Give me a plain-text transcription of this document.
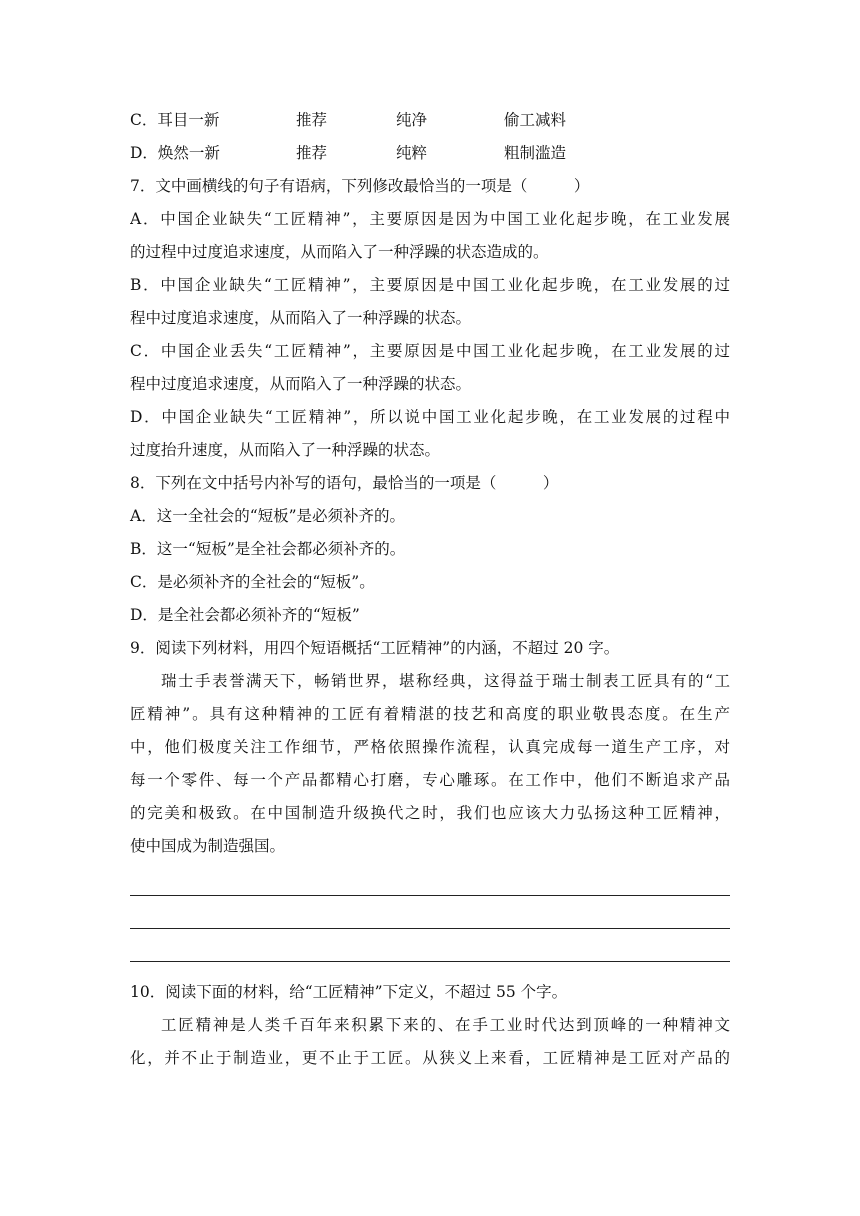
C．耳目一新	推荐	纯净	偷工减料
D．焕然一新	推荐	纯粹	粗制滥造
7．文中画横线的句子有语病，下列修改最恰当的一项是（　　　）
A．中国企业缺失“工匠精神”，主要原因是因为中国工业化起步晚，在工业发展
的过程中过度追求速度，从而陷入了一种浮躁的状态造成的。
B．中国企业缺失“工匠精神”，主要原因是中国工业化起步晚，在工业发展的过
程中过度追求速度，从而陷入了一种浮躁的状态。
C．中国企业丢失“工匠精神”，主要原因是中国工业化起步晚，在工业发展的过
程中过度追求速度，从而陷入了一种浮躁的状态。
D．中国企业缺失“工匠精神”，所以说中国工业化起步晚，在工业发展的过程中
过度抬升速度，从而陷入了一种浮躁的状态。
8．下列在文中括号内补写的语句，最恰当的一项是（　　　）
A．这一全社会的“短板”是必须补齐的。
B．这一“短板”是全社会都必须补齐的。
C．是必须补齐的全社会的“短板”。
D．是全社会都必须补齐的“短板”
9．阅读下列材料，用四个短语概括“工匠精神”的内涵，不超过 20 字。
瑞士手表誉满天下，畅销世界，堪称经典，这得益于瑞士制表工匠具有的“工
匠精神”。具有这种精神的工匠有着精湛的技艺和高度的职业敬畏态度。在生产
中，他们极度关注工作细节，严格依照操作流程，认真完成每一道生产工序，对
每一个零件、每一个产品都精心打磨，专心雕琢。在工作中，他们不断追求产品
的完美和极致。在中国制造升级换代之时，我们也应该大力弘扬这种工匠精神，
使中国成为制造强国。
10．阅读下面的材料，给“工匠精神”下定义，不超过 55 个字。
工匠精神是人类千百年来积累下来的、在手工业时代达到顶峰的一种精神文
化，并不止于制造业，更不止于工匠。从狭义上来看，工匠精神是工匠对产品的
